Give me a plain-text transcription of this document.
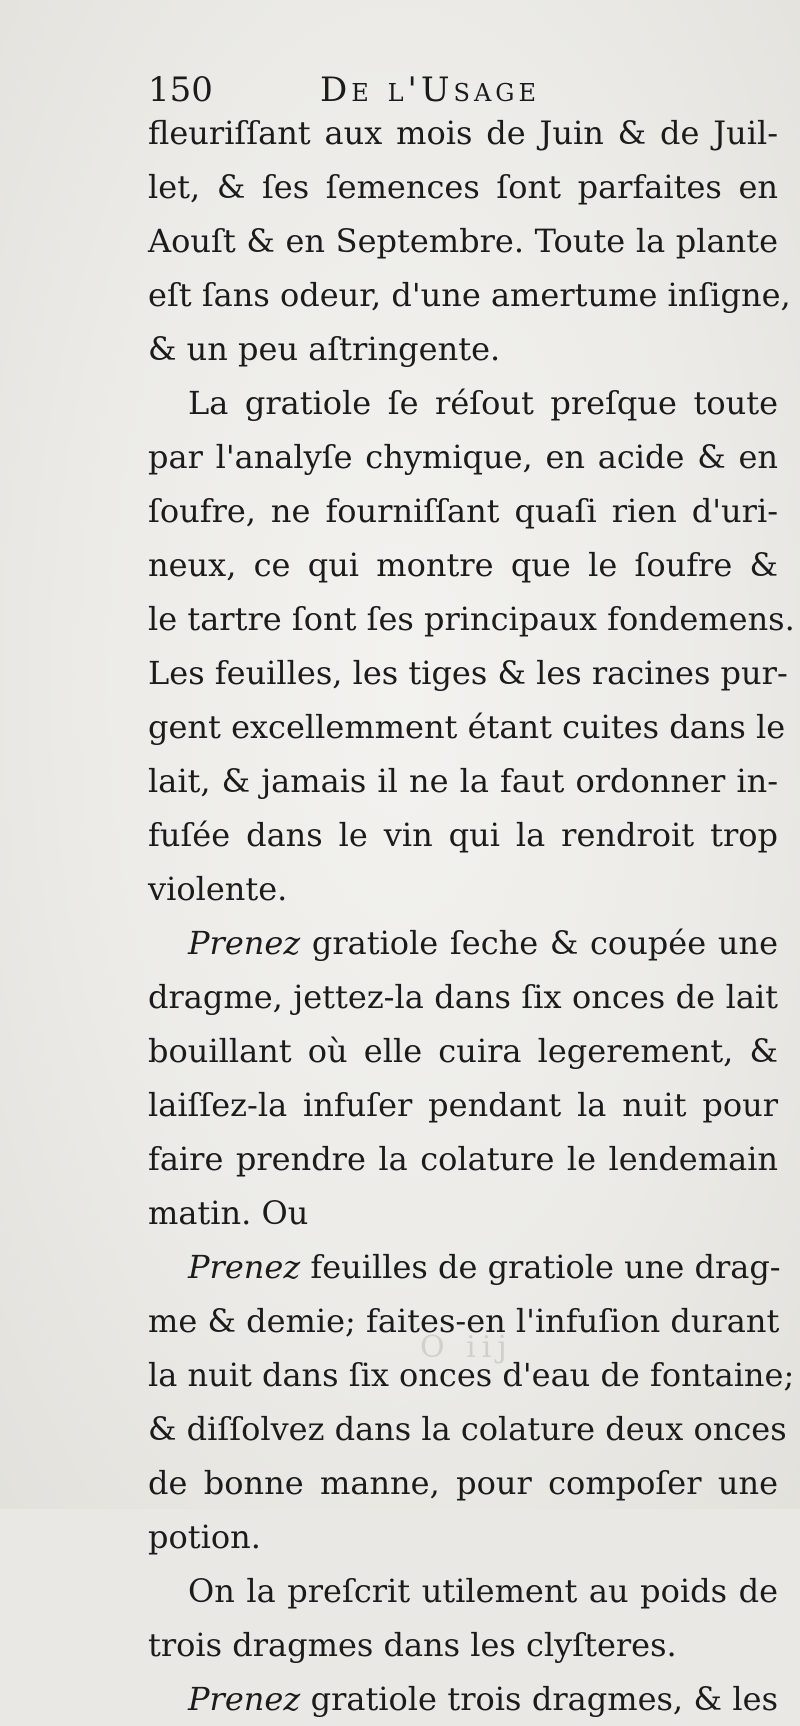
150	De l'Usage
O iij
fleuriſſant aux mois de Juin & de Juil-
let, & ſes ſemences ſont parfaites en
Aouſt & en Septembre. Toute la plante
eſt ſans odeur, d'une amertume inſigne,
& un peu aſtringente.
La gratiole ſe réſout preſque toute
par l'analyſe chymique, en acide & en
ſoufre, ne fourniſſant quaſi rien d'uri-
neux, ce qui montre que le ſoufre &
le tartre ſont ſes principaux fondemens.
Les feuilles, les tiges & les racines pur-
gent excellemment étant cuites dans le
lait, & jamais il ne la faut ordonner in-
fuſée dans le vin qui la rendroit trop
violente.
Prenez gratiole ſeche & coupée une
dragme, jettez-la dans ſix onces de lait
bouillant où elle cuira legerement, &
laiſſez-la infuſer pendant la nuit pour
faire prendre la colature le lendemain
matin. Ou
Prenez feuilles de gratiole une drag-
me & demie; faites-en l'infuſion durant
la nuit dans ſix onces d'eau de fontaine;
& diſſolvez dans la colature deux onces
de bonne manne, pour compoſer une
potion.
On la preſcrit utilement au poids de
trois dragmes dans les clyſteres.
Prenez gratiole trois dragmes, & les
